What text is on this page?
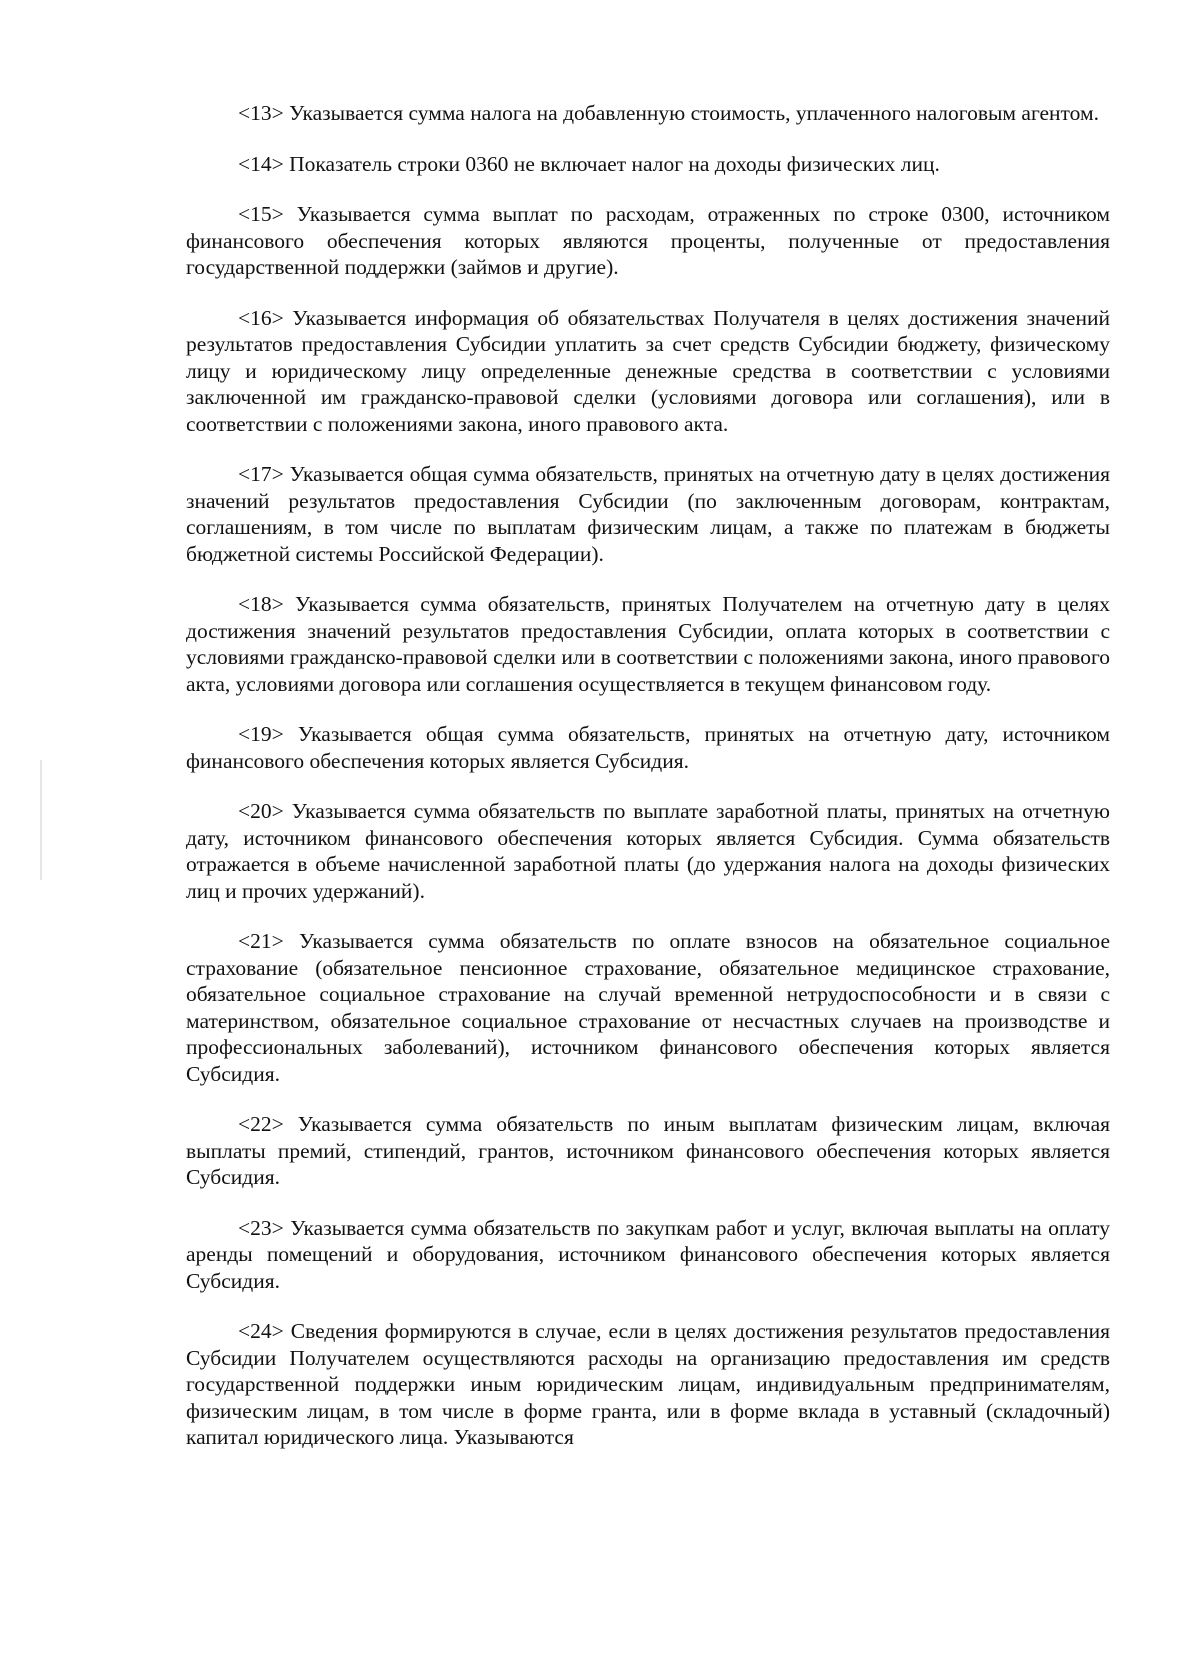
<13> Указывается сумма налога на добавленную стоимость, уплаченного налоговым агентом.

<14> Показатель строки 0360 не включает налог на доходы физических лиц.

<15> Указывается сумма выплат по расходам, отраженных по строке 0300, источником финансового обеспечения которых являются проценты, полученные от предоставления государственной поддержки (займов и другие).

<16> Указывается информация об обязательствах Получателя в целях достижения значений результатов предоставления Субсидии уплатить за счет средств Субсидии бюджету, физическому лицу и юридическому лицу определенные денежные средства в соответствии с условиями заключенной им гражданско-правовой сделки (условиями договора или соглашения), или в соответствии с положениями закона, иного правового акта.

<17> Указывается общая сумма обязательств, принятых на отчетную дату в целях достижения значений результатов предоставления Субсидии (по заключенным договорам, контрактам, соглашениям, в том числе по выплатам физическим лицам, а также по платежам в бюджеты бюджетной системы Российской Федерации).

<18> Указывается сумма обязательств, принятых Получателем на отчетную дату в целях достижения значений результатов предоставления Субсидии, оплата которых в соответствии с условиями гражданско-правовой сделки или в соответствии с положениями закона, иного правового акта, условиями договора или соглашения осуществляется в текущем финансовом году.

<19> Указывается общая сумма обязательств, принятых на отчетную дату, источником финансового обеспечения которых является Субсидия.

<20> Указывается сумма обязательств по выплате заработной платы, принятых на отчетную дату, источником финансового обеспечения которых является Субсидия. Сумма обязательств отражается в объеме начисленной заработной платы (до удержания налога на доходы физических лиц и прочих удержаний).

<21> Указывается сумма обязательств по оплате взносов на обязательное социальное страхование (обязательное пенсионное страхование, обязательное медицинское страхование, обязательное социальное страхование на случай временной нетрудоспособности и в связи с материнством, обязательное социальное страхование от несчастных случаев на производстве и профессиональных заболеваний), источником финансового обеспечения которых является Субсидия.

<22> Указывается сумма обязательств по иным выплатам физическим лицам, включая выплаты премий, стипендий, грантов, источником финансового обеспечения которых является Субсидия.

<23> Указывается сумма обязательств по закупкам работ и услуг, включая выплаты на оплату аренды помещений и оборудования, источником финансового обеспечения которых является Субсидия.

<24> Сведения формируются в случае, если в целях достижения результатов предоставления Субсидии Получателем осуществляются расходы на организацию предоставления им средств государственной поддержки иным юридическим лицам, индивидуальным предпринимателям, физическим лицам, в том числе в форме гранта, или в форме вклада в уставный (складочный) капитал юридического лица. Указываются
